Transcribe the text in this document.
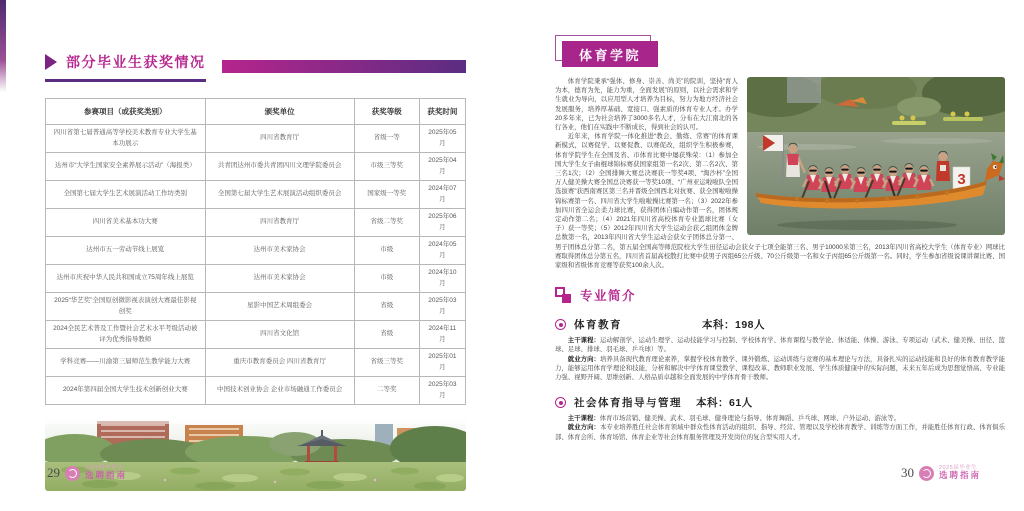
部分毕业生获奖情况
参赛项目（或获奖类别）	颁奖单位	获奖等级	获奖时间
四川省第七届普通高等学校美术教育专业大学生基本功展示	四川省教育厅	省级一等	2025年05月
达州市“大学生国家安全素养展示活动”（海报类）	共青团达州市委共青团四川文理学院委员会	市级三等奖	2025年04月
全国第七届大学生艺术展演活动工作坊类别	全国第七届大学生艺术展演活动组织委员会	国家级一等奖	2024年07月
四川省美术基本功大赛	四川省教育厅	省级二等奖	2025年06月
达州市五一劳动节线上展览	达州市美术家协会	市级	2024年05月
达州市庆祝中华人民共和国成立75周年线上展览	达州市美术家协会	市级	2024年10月
2025“华艺奖”全国原创微影视表演创大赛最佳影视创奖	星影中国艺术周组委会	省级	2025年03月
2024全民艺术普及工作暨社会艺术水平考级活动被评为优秀指导教师	四川省文化馆	省级	2024年11月
学科竞赛——川渝第三届师范生教学能力大赛	重庆市教育委员会 四川省教育厅	省级三等奖	2025年01月
2024年第四届全国大学生技术创新创业大赛	中国技术创业协会 企业市场融通工作委员会	二等奖	2025年03月
29	2025届毕业生
选聘指南
体育学院
3

体育学院秉承“强体、修身、崇善、尚美”的院训，坚持“育人为本，德育为先，能力为重，全面发展”的原则，以社会需求和学生就业为导向，以应用型人才培养为目标，努力为地方经济社会发展服务，培养厚基础、宽接口、强素质的体育专业人才。办学20多年来，已为社会培养了3000多名人才，分布在大江南北的各行各业，他们在实践中不断成长，得到社会的认可。

近年来，体育学院一体化推进“教会、勤练、常赛”的体育课新模式，以赛促学、以赛促教、以赛促改，组织学生积极参赛，体育学院学生在全国及省、市体育比赛中屡获殊荣：（1）参加全国大学生女子曲棍球锦标赛获国家组第一名2次、第二名2次、第三名1次；（2）全国排舞大赛总决赛获一等奖4项、“淘沙杯”全国万人健美操大赛全国总决赛获一等奖10项、“广州亚运啦啦队全国选拔赛”获西南赛区第三名并晋级全国西北对抗赛、获全国啦啦操锦标赛第一名、四川省大学生啦啦操比赛第一名；（3）2022年参加四川省全运会柔力球比赛，获得团体自编动作第一名，团体规定动作第二名；（4）2021年四川省高校体育专业篮球比赛（女子）获一等奖；（5）2012年四川省大学生运动会获乙组团体金牌总数第一名，2013年四川省大学生运动会获女子团体总分第一、男子团体总分第二名，第五届全国高等师范院校大学生田径运动会获女子七项全能第三名、男子10000米第三名，2013年四川省高校大学生（体育专业）网球比赛取得团体总分第五名，四川省首届高校散打比赛中获男子丙组65公斤级、70公斤级第一名和女子丙组65公斤级第一名。同时，学生参加省级说课讲课比赛、国家级和省级体育竞赛等获奖100余人次。

专业简介
体育教育	本科：198人

主干课程：运动解剖学、运动生理学、运动技能学习与控制、学校体育学、体育课程与教学论、体适能、体操、游泳、专项运动（武术、健美操、田径、篮球、足球、排球、羽毛球、乒乓球）等。

就业方向：培养具备现代教育理论素养，掌握学校体育教学、课外锻炼、运动训练与竞赛的基本理论与方法，具备扎实的运动技能和良好的体育教育教学能力，能够运用体育学理论和技能，分析和解决中学体育课堂教学、课程改革、教师职业发展、学生体质健康中的实际问题，未来五年后成为思想觉悟高、专业能力强、视野开阔、思维创新、人格品质卓越和全面发展的中学体育骨干教师。

社会体育指导与管理 本科：61人

主干课程：体育市场营销、健美操、武术、羽毛球、健身理论与指导、体育舞蹈、乒乓球、网球、户外运动、游泳等。

就业方向：本专业培养胜任社会体育领域中群众性体育活动的组织、指导、经营、管理以及学校体育教学、训练等方面工作，并能胜任体育行政、体育俱乐部、体育会所、体育场馆、体育企业等社会体育服务管理及开发岗位的复合型实用人才。

30	2025届毕业生
选聘指南
